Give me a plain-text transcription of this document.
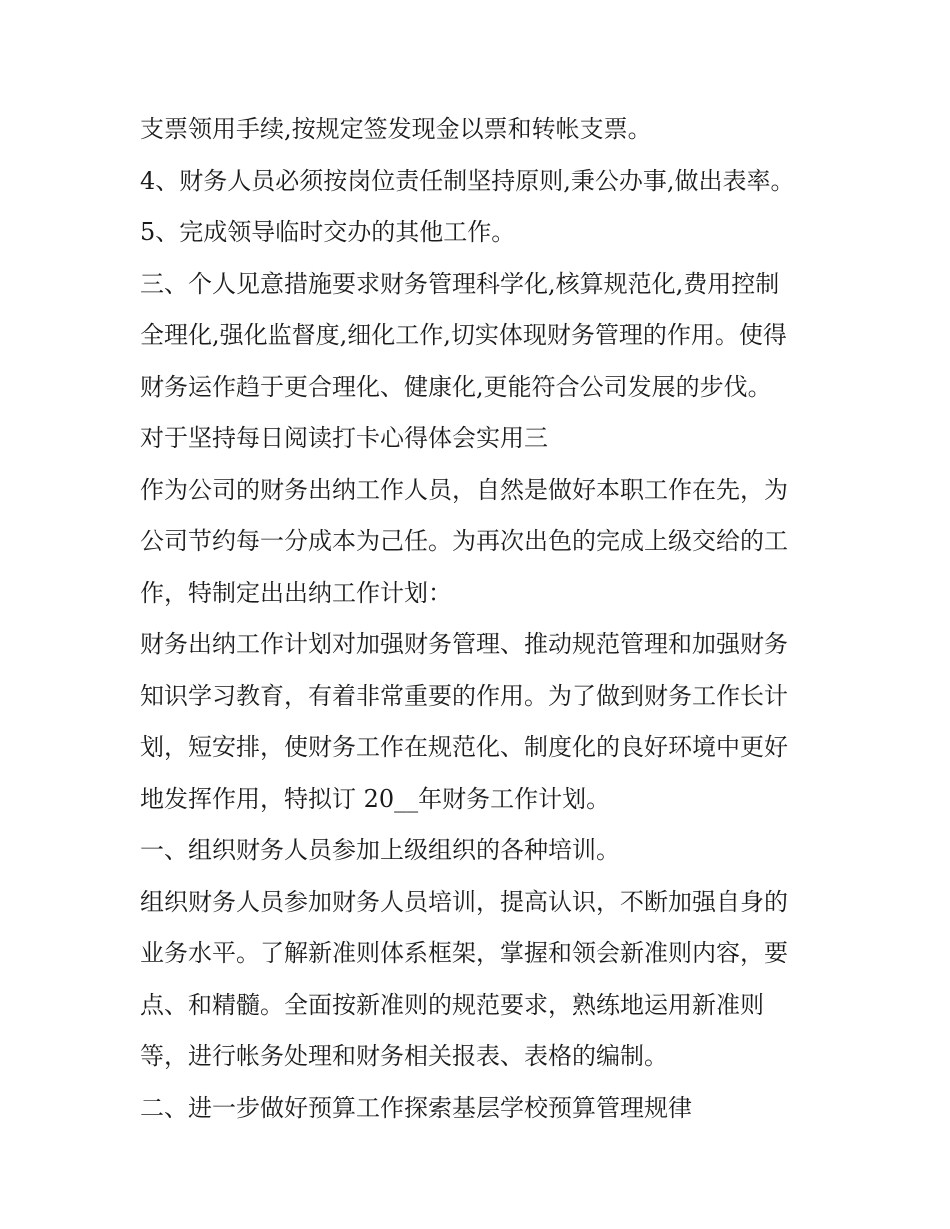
支票领用手续,按规定签发现金以票和转帐支票。
4、财务人员必须按岗位责任制坚持原则,秉公办事,做出表率。
5、完成领导临时交办的其他工作。
三、个人见意措施要求财务管理科学化,核算规范化,费用控制
全理化,强化监督度,细化工作,切实体现财务管理的作用。使得
财务运作趋于更合理化、健康化,更能符合公司发展的步伐。
对于坚持每日阅读打卡心得体会实用三
作为公司的财务出纳工作人员，自然是做好本职工作在先，为
公司节约每一分成本为己任。为再次出色的完成上级交给的工
作，特制定出出纳工作计划：
财务出纳工作计划对加强财务管理、推动规范管理和加强财务
知识学习教育，有着非常重要的作用。为了做到财务工作长计
划，短安排，使财务工作在规范化、制度化的良好环境中更好
地发挥作用，特拟订 20__年财务工作计划。
一、组织财务人员参加上级组织的各种培训。
组织财务人员参加财务人员培训，提高认识，不断加强自身的
业务水平。了解新准则体系框架，掌握和领会新准则内容，要
点、和精髓。全面按新准则的规范要求，熟练地运用新准则
等，进行帐务处理和财务相关报表、表格的编制。
二、进一步做好预算工作探索基层学校预算管理规律
